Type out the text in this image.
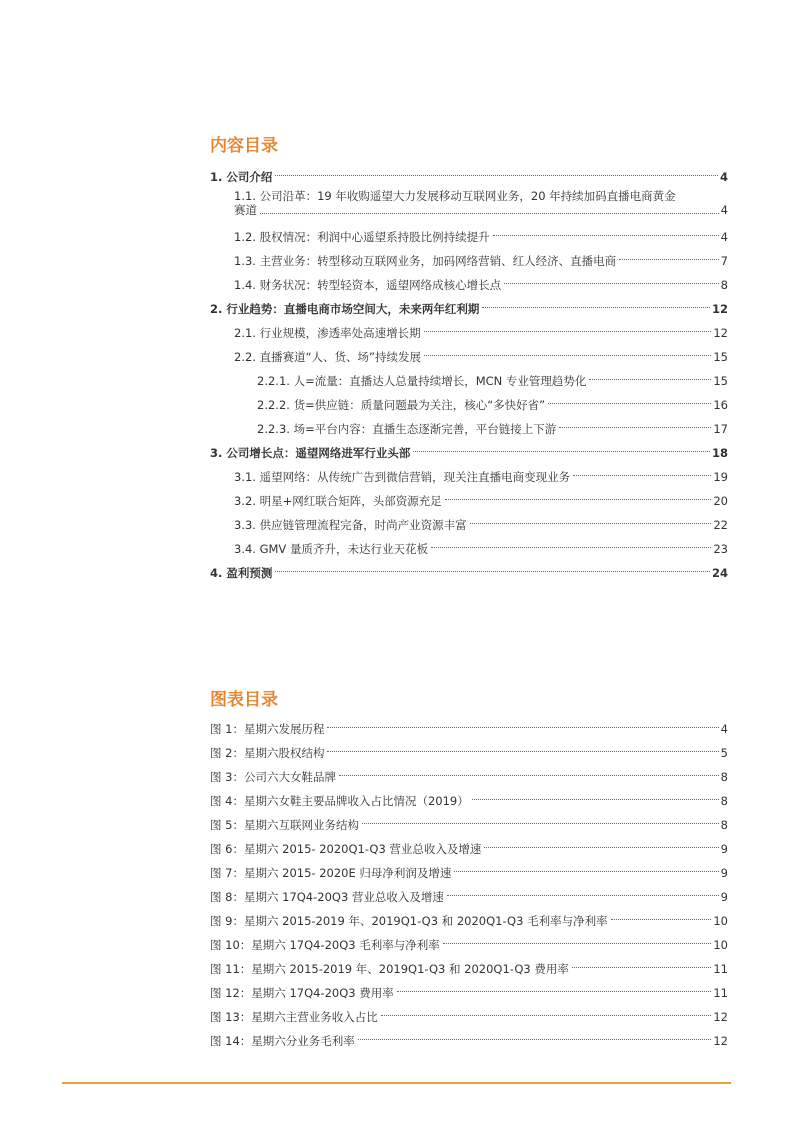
内容目录
1. 公司介绍	4
1.1. 公司沿革：19 年收购遥望大力发展移动互联网业务，20 年持续加码直播电商黄金
赛道	4
1.2. 股权情况：利润中心遥望系持股比例持续提升	4
1.3. 主营业务：转型移动互联网业务，加码网络营销、红人经济、直播电商	7
1.4. 财务状况：转型轻资本，遥望网络成核心增长点	8
2. 行业趋势：直播电商市场空间大，未来两年红利期	12
2.1. 行业规模，渗透率处高速增长期	12
2.2. 直播赛道“人、货、场”持续发展	15
2.2.1. 人=流量：直播达人总量持续增长，MCN 专业管理趋势化	15
2.2.2. 货=供应链：质量问题最为关注，核心“多快好省”	16
2.2.3. 场=平台内容：直播生态逐渐完善，平台链接上下游	17
3. 公司增长点：遥望网络进军行业头部	18
3.1. 遥望网络：从传统广告到微信营销，现关注直播电商变现业务	19
3.2. 明星+网红联合矩阵，头部资源充足	20
3.3. 供应链管理流程完备，时尚产业资源丰富	22
3.4. GMV 量质齐升，未达行业天花板	23
4. 盈利预测	24
图表目录
图 1：星期六发展历程	4
图 2：星期六股权结构	5
图 3：公司六大女鞋品牌	8
图 4：星期六女鞋主要品牌收入占比情况（2019）	8
图 5：星期六互联网业务结构	8
图 6：星期六 2015- 2020Q1-Q3 营业总收入及增速	9
图 7：星期六 2015- 2020E 归母净利润及增速	9
图 8：星期六 17Q4-20Q3 营业总收入及增速	9
图 9：星期六 2015-2019 年、2019Q1-Q3 和 2020Q1-Q3 毛利率与净利率	10
图 10：星期六 17Q4-20Q3 毛利率与净利率	10
图 11：星期六 2015-2019 年、2019Q1-Q3 和 2020Q1-Q3 费用率	11
图 12：星期六 17Q4-20Q3 费用率	11
图 13：星期六主营业务收入占比	12
图 14：星期六分业务毛利率	12
